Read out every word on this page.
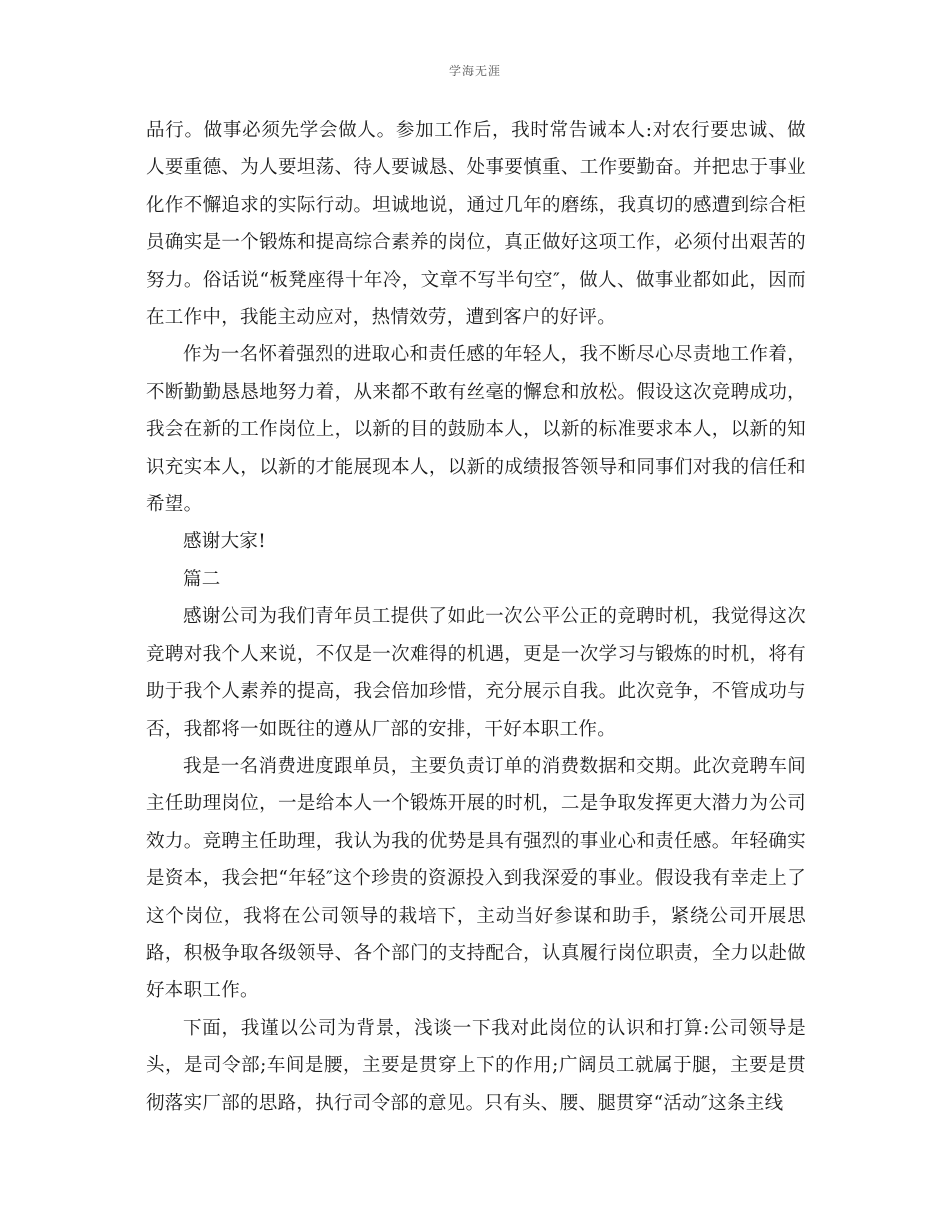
学海无涯

品行。做事必须先学会做人。参加工作后，我时常告诫本人:对农行要忠诚、做人要重德、为人要坦荡、待人要诚恳、处事要慎重、工作要勤奋。并把忠于事业化作不懈追求的实际行动。坦诚地说，通过几年的磨练，我真切的感遭到综合柜员确实是一个锻炼和提高综合素养的岗位，真正做好这项工作，必须付出艰苦的努力。俗话说“板凳座得十年冷，文章不写半句空″，做人、做事业都如此，因而在工作中，我能主动应对，热情效劳，遭到客户的好评。

作为一名怀着强烈的进取心和责任感的年轻人，我不断尽心尽责地工作着，不断勤勤恳恳地努力着，从来都不敢有丝毫的懈怠和放松。假设这次竞聘成功，我会在新的工作岗位上，以新的目的鼓励本人，以新的标准要求本人，以新的知识充实本人，以新的才能展现本人，以新的成绩报答领导和同事们对我的信任和希望。

感谢大家!

篇二

感谢公司为我们青年员工提供了如此一次公平公正的竞聘时机，我觉得这次竞聘对我个人来说，不仅是一次难得的机遇，更是一次学习与锻炼的时机，将有助于我个人素养的提高，我会倍加珍惜，充分展示自我。此次竞争，不管成功与否，我都将一如既往的遵从厂部的安排，干好本职工作。

我是一名消费进度跟单员，主要负责订单的消费数据和交期。此次竞聘车间主任助理岗位，一是给本人一个锻炼开展的时机，二是争取发挥更大潜力为公司效力。竞聘主任助理，我认为我的优势是具有强烈的事业心和责任感。年轻确实是资本，我会把“年轻″这个珍贵的资源投入到我深爱的事业。假设我有幸走上了这个岗位，我将在公司领导的栽培下，主动当好参谋和助手，紧绕公司开展思路，积极争取各级领导、各个部门的支持配合，认真履行岗位职责，全力以赴做好本职工作。

下面，我谨以公司为背景，浅谈一下我对此岗位的认识和打算:公司领导是头，是司令部;车间是腰，主要是贯穿上下的作用;广阔员工就属于腿，主要是贯彻落实厂部的思路，执行司令部的意见。只有头、腰、腿贯穿“活动″这条主线
